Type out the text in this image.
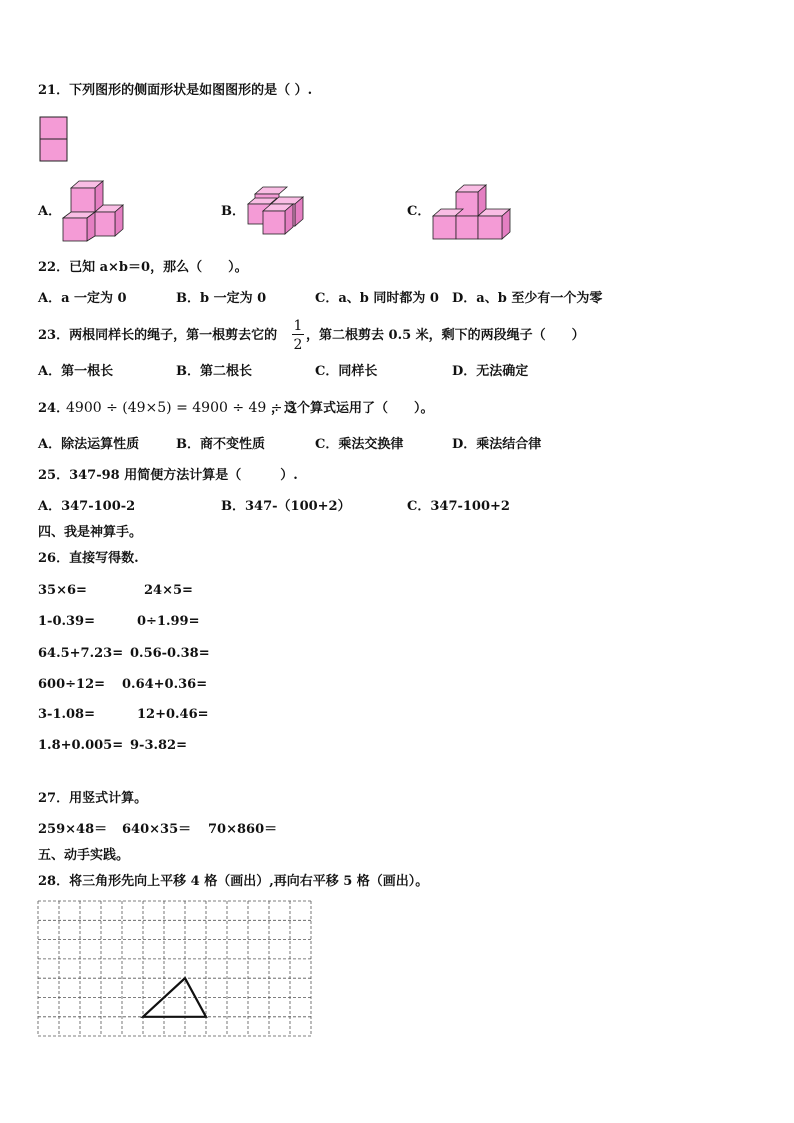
21．下列图形的侧面形状是如图图形的是（ ）.
A．	B．	C．
22．已知 a×b＝0，那么（　　）。
A．a 一定为 0	B．b 一定为 0	C．a、b 同时都为 0 D．a、b 至少有一个为零
23．两根同样长的绳子，第一根剪去它的
1
2
，第二根剪去 0.5 米，剩下的两段绳子（　　）
A．第一根长	B．第二根长	C．同样长	D．无法确定
24．
4900 ÷ (49×5) = 4900 ÷ 49 ÷ 5
，这个算式运用了（　　）。
A．除法运算性质	B．商不变性质	C．乘法交换律	D．乘法结合律
25．347-98 用简便方法计算是（　　　）.
A．347-100-2	B．347-（100+2）	C．347-100+2
四、我是神算手。
26．直接写得数.
35×6=	24×5=
1-0.39=	0÷1.99=
64.5+7.23= 0.56-0.38=
600÷12= 0.64+0.36=
3-1.08=	12+0.46=
1.8+0.005= 9-3.82=
27．用竖式计算。
259×48＝ 640×35＝ 70×860＝
五、动手实践。
28．将三角形先向上平移 4 格（画出）,再向右平移 5 格（画出）。
